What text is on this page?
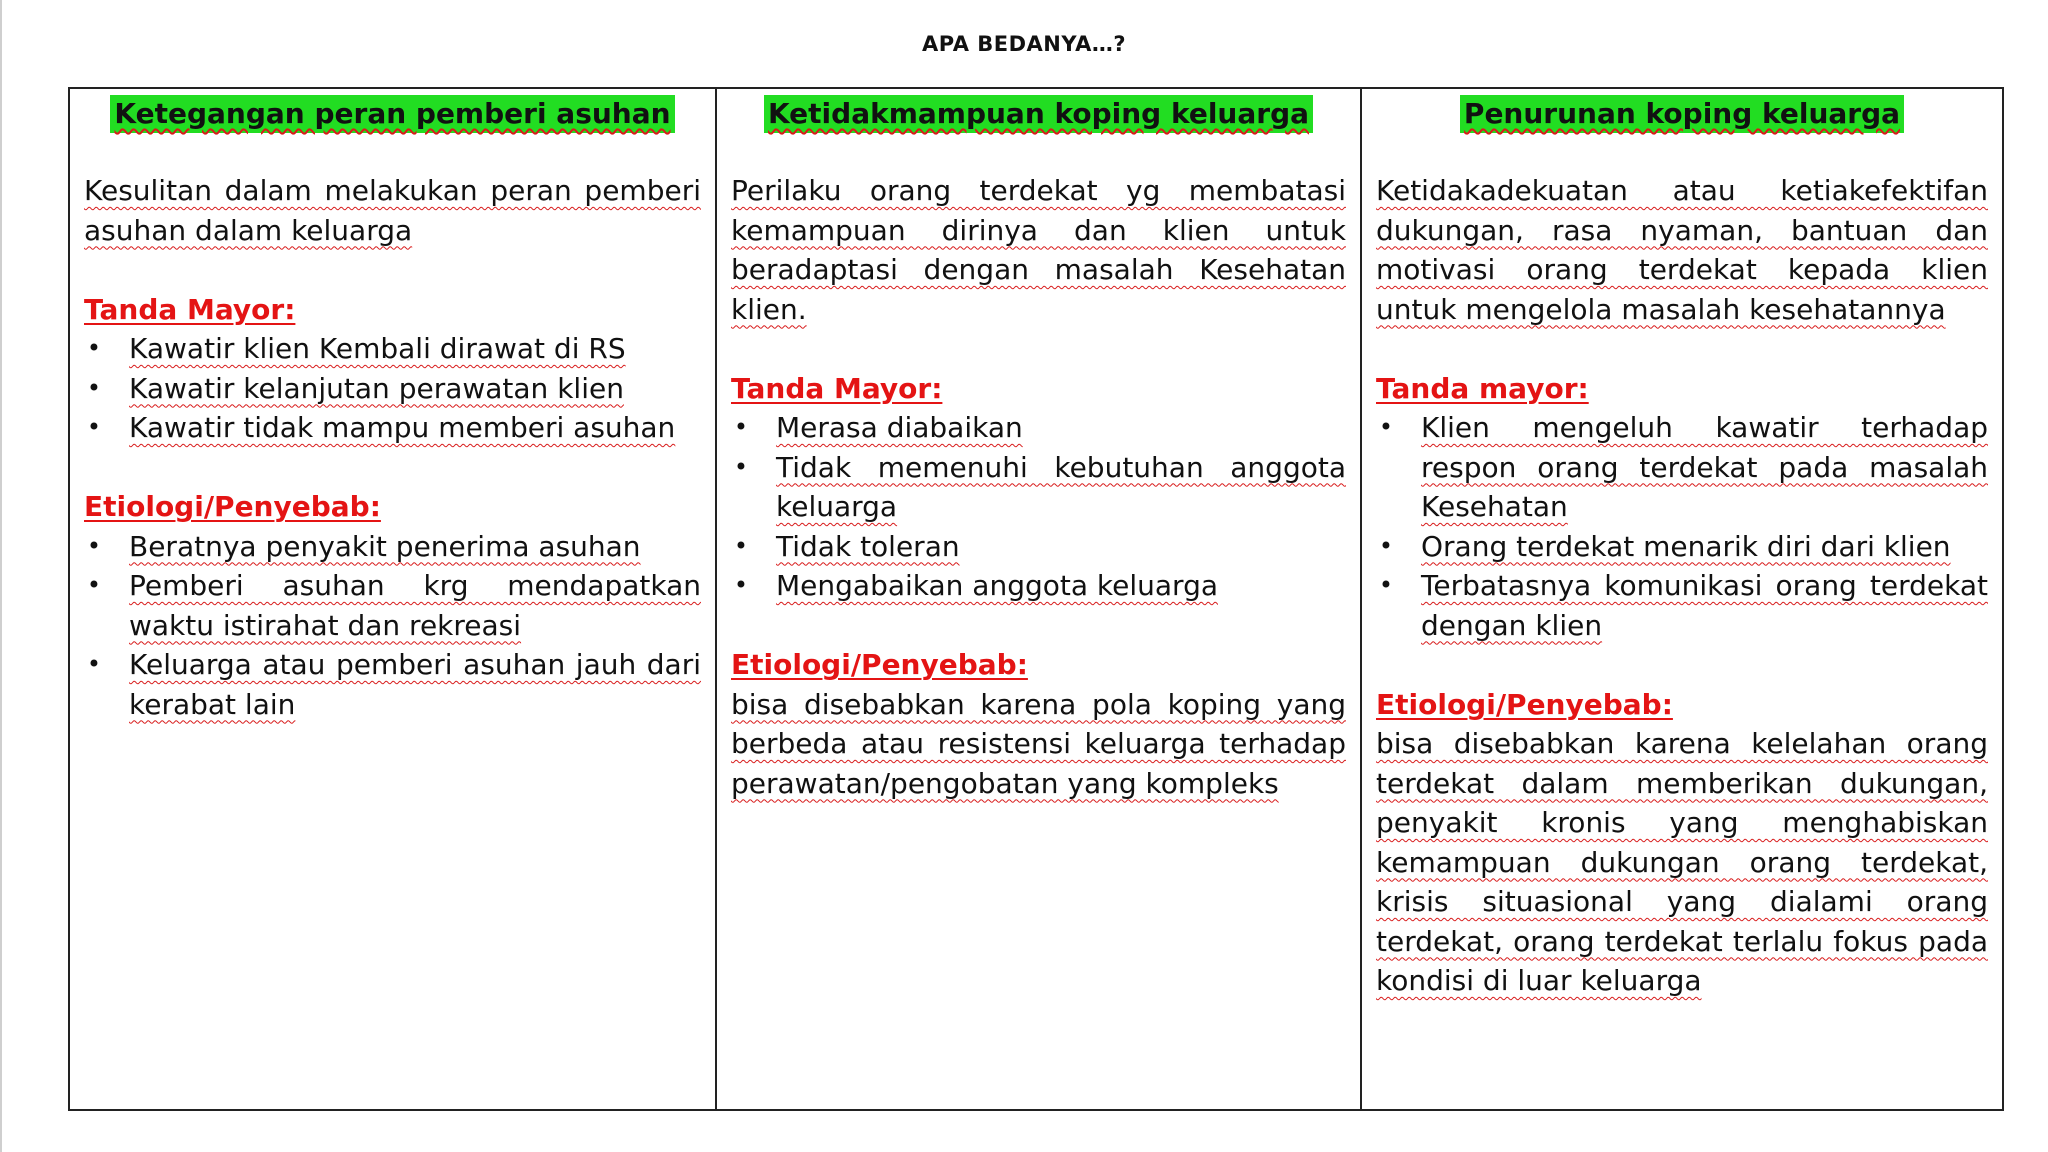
APA BEDANYA…?
Ketegangan peran pemberi asuhan

Kesulitan dalam melakukan peran pemberi asuhan dalam keluarga

Tanda Mayor:

• Kawatir klien Kembali dirawat di RS
• Kawatir kelanjutan perawatan klien
• Kawatir tidak mampu memberi asuhan

Etiologi/Penyebab:

• Beratnya penyakit penerima asuhan
• Pemberi asuhan krg mendapatkan waktu istirahat dan rekreasi
• Keluarga atau pemberi asuhan jauh dari kerabat lain
Ketidakmampuan koping keluarga

Perilaku orang terdekat yg membatasi kemampuan dirinya dan klien untuk beradaptasi dengan masalah Kesehatan klien.

Tanda Mayor:

• Merasa diabaikan
• Tidak memenuhi kebutuhan anggota keluarga
• Tidak toleran
• Mengabaikan anggota keluarga

Etiologi/Penyebab:

bisa disebabkan karena pola koping yang berbeda atau resistensi keluarga terhadap perawatan/pengobatan yang kompleks

Penurunan koping keluarga

Ketidakadekuatan atau ketiakefektifan dukungan, rasa nyaman, bantuan dan motivasi orang terdekat kepada klien untuk mengelola masalah kesehatannya

Tanda mayor:

• Klien mengeluh kawatir terhadap respon orang terdekat pada masalah Kesehatan
• Orang terdekat menarik diri dari klien
• Terbatasnya komunikasi orang terdekat dengan klien

Etiologi/Penyebab:

bisa disebabkan karena kelelahan orang terdekat dalam memberikan dukungan, penyakit kronis yang menghabiskan kemampuan dukungan orang terdekat, krisis situasional yang dialami orang terdekat, orang terdekat terlalu fokus pada kondisi di luar keluarga
